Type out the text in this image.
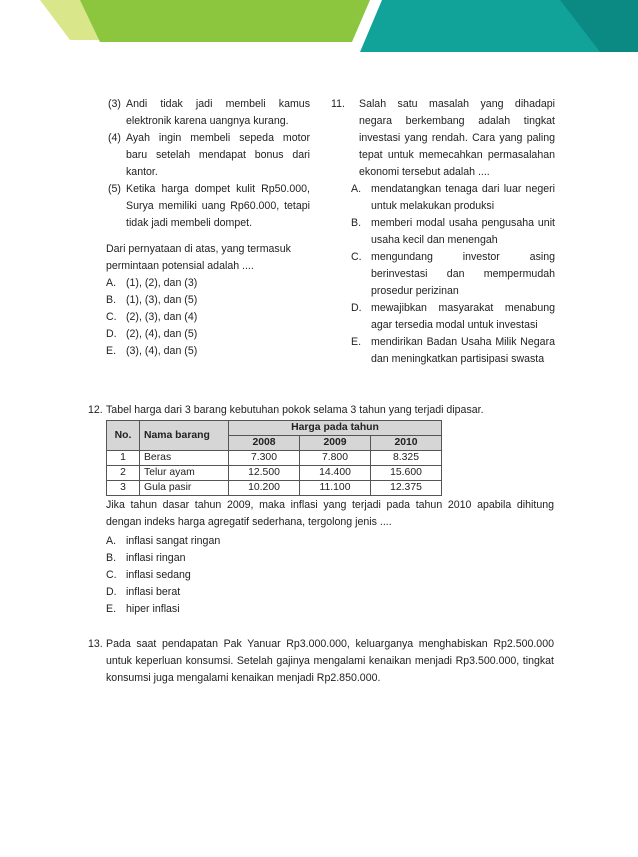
(3) Andi tidak jadi membeli kamus elektronik karena uangnya kurang.
(4) Ayah ingin membeli sepeda motor baru setelah mendapat bonus dari kantor.
(5) Ketika harga dompet kulit Rp50.000, Surya memiliki uang Rp60.000, tetapi tidak jadi membeli dompet.
Dari pernyataan di atas, yang termasuk permintaan potensial adalah ....
A. (1), (2), dan (3)
B. (1), (3), dan (5)
C. (2), (3), dan (4)
D. (2), (4), dan (5)
E. (3), (4), dan (5)
11. Salah satu masalah yang dihadapi negara berkembang adalah tingkat investasi yang rendah. Cara yang paling tepat untuk memecahkan permasalahan ekonomi tersebut adalah ....
A. mendatangkan tenaga dari luar negeri untuk melakukan produksi
B. memberi modal usaha pengusaha unit usaha kecil dan menengah
C. mengundang investor asing berinvestasi dan mempermudah prosedur perizinan
D. mewajibkan masyarakat menabung agar tersedia modal untuk investasi
E. mendirikan Badan Usaha Milik Negara dan meningkatkan partisipasi swasta
12. Tabel harga dari 3 barang kebutuhan pokok selama 3 tahun yang terjadi dipasar.
No.	Nama barang	Harga pada tahun		
		2008	2009	2010
1	Beras	7.300	7.800	8.325
2	Telur ayam	12.500	14.400	15.600
3	Gula pasir	10.200	11.100	12.375
Jika tahun dasar tahun 2009, maka inflasi yang terjadi pada tahun 2010 apabila dihitung dengan indeks harga agregatif sederhana, tergolong jenis ....
A. inflasi sangat ringan
B. inflasi ringan
C. inflasi sedang
D. inflasi berat
E. hiper inflasi
13. Pada saat pendapatan Pak Yanuar Rp3.000.000, keluarganya menghabiskan Rp2.500.000 untuk keperluan konsumsi. Setelah gajinya mengalami kenaikan menjadi Rp3.500.000, tingkat konsumsi juga mengalami kenaikan menjadi Rp2.850.000.
